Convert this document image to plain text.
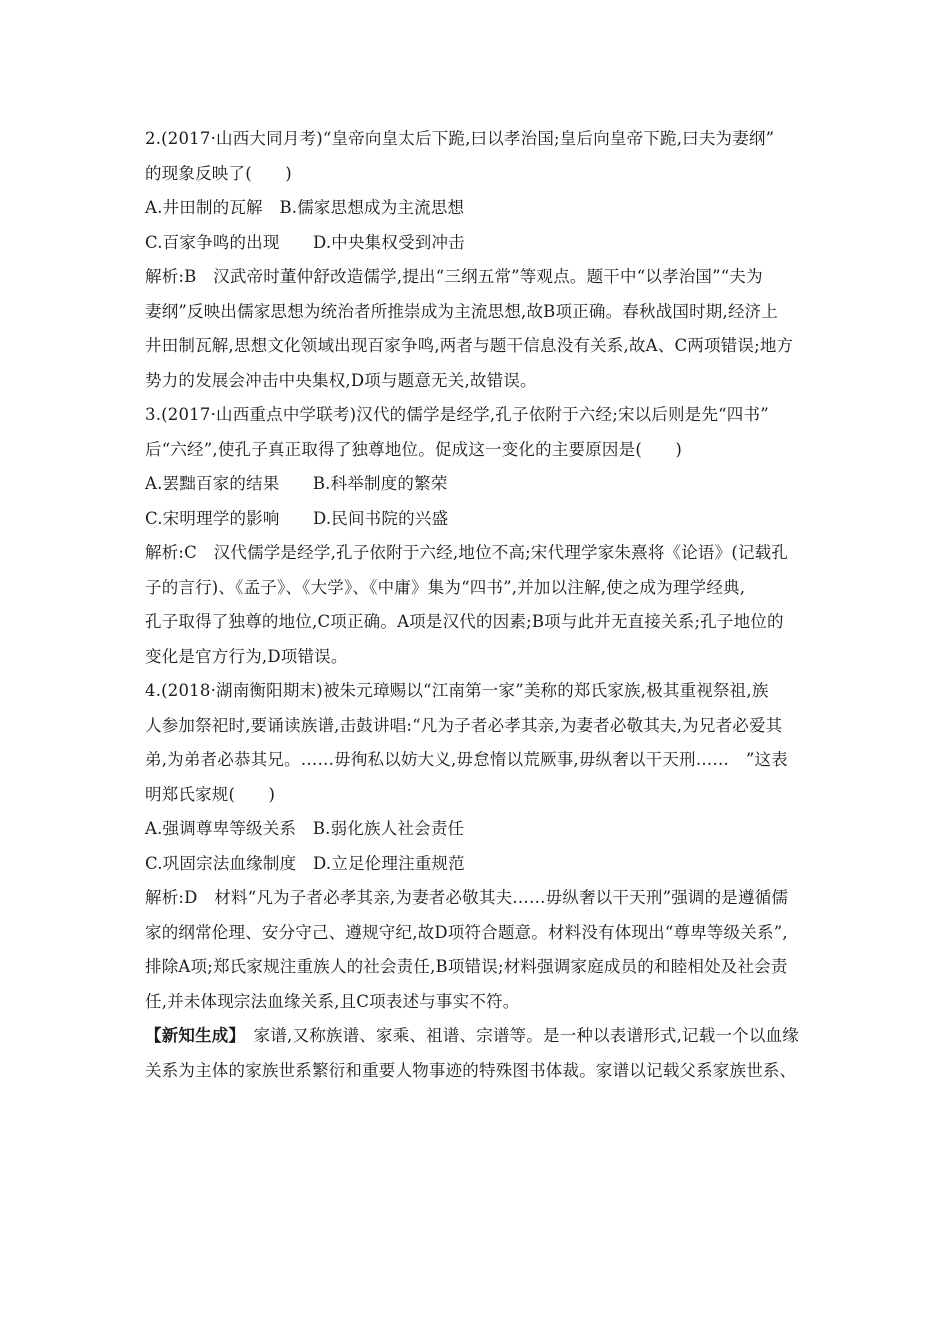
2.(2017·山西大同月考)“皇帝向皇太后下跪,曰以孝治国;皇后向皇帝下跪,曰夫为妻纲”
的现象反映了(　　)
A.井田制的瓦解　B.儒家思想成为主流思想
C.百家争鸣的出现　　D.中央集权受到冲击
解析:B　汉武帝时董仲舒改造儒学,提出“三纲五常”等观点。题干中“以孝治国”“夫为
妻纲”反映出儒家思想为统治者所推崇成为主流思想,故B项正确。春秋战国时期,经济上
井田制瓦解,思想文化领域出现百家争鸣,两者与题干信息没有关系,故A、C两项错误;地方
势力的发展会冲击中央集权,D项与题意无关,故错误。
3.(2017·山西重点中学联考)汉代的儒学是经学,孔子依附于六经;宋以后则是先“四书”
后“六经”,使孔子真正取得了独尊地位。促成这一变化的主要原因是(　　)
A.罢黜百家的结果　　B.科举制度的繁荣
C.宋明理学的影响　　D.民间书院的兴盛
解析:C　汉代儒学是经学,孔子依附于六经,地位不高;宋代理学家朱熹将《论语》(记载孔
子的言行)、《孟子》、《大学》、《中庸》集为“四书”,并加以注解,使之成为理学经典,
孔子取得了独尊的地位,C项正确。A项是汉代的因素;B项与此并无直接关系;孔子地位的
变化是官方行为,D项错误。
4.(2018·湖南衡阳期末)被朱元璋赐以“江南第一家”美称的郑氏家族,极其重视祭祖,族
人参加祭祀时,要诵读族谱,击鼓讲唱:“凡为子者必孝其亲,为妻者必敬其夫,为兄者必爱其
弟,为弟者必恭其兄。……毋徇私以妨大义,毋怠惰以荒厥事,毋纵奢以干天刑……　”这表
明郑氏家规(　　)
A.强调尊卑等级关系　B.弱化族人社会责任
C.巩固宗法血缘制度　D.立足伦理注重规范
解析:D　材料“凡为子者必孝其亲,为妻者必敬其夫……毋纵奢以干天刑”强调的是遵循儒
家的纲常伦理、安分守己、遵规守纪,故D项符合题意。材料没有体现出“尊卑等级关系”,
排除A项;郑氏家规注重族人的社会责任,B项错误;材料强调家庭成员的和睦相处及社会责
任,并未体现宗法血缘关系,且C项表述与事实不符。
【新知生成】　家谱,又称族谱、家乘、祖谱、宗谱等。是一种以表谱形式,记载一个以血缘
关系为主体的家族世系繁衍和重要人物事迹的特殊图书体裁。家谱以记载父系家族世系、
